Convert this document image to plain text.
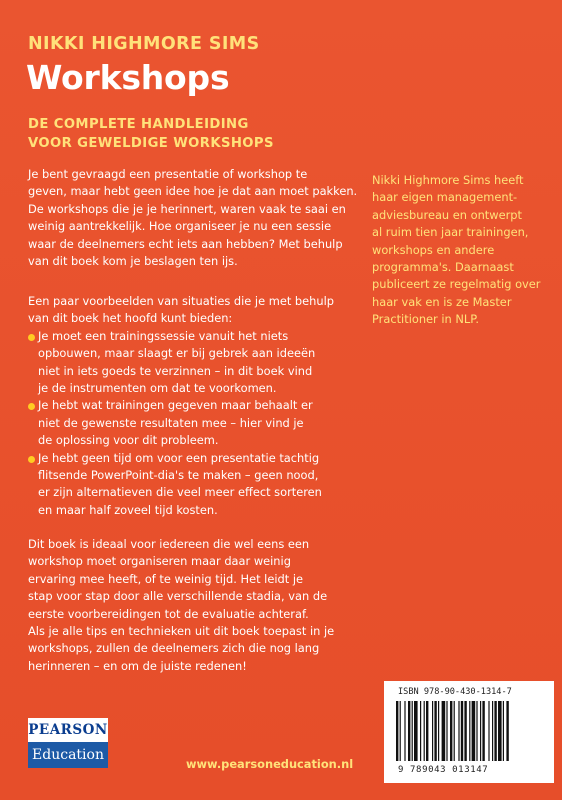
NIKKI HIGHMORE SIMS
Workshops
DE COMPLETE HANDLEIDING
VOOR GEWELDIGE WORKSHOPS
Je bent gevraagd een presentatie of workshop te
geven, maar hebt geen idee hoe je dat aan moet pakken.
De workshops die je je herinnert, waren vaak te saai en
weinig aantrekkelijk. Hoe organiseer je nu een sessie
waar de deelnemers echt iets aan hebben? Met behulp
van dit boek kom je beslagen ten ijs.
Een paar voorbeelden van situaties die je met behulp
van dit boek het hoofd kunt bieden:
Je moet een trainingssessie vanuit het niets
opbouwen, maar slaagt er bij gebrek aan ideeën
niet in iets goeds te verzinnen – in dit boek vind
je de instrumenten om dat te voorkomen.
Je hebt wat trainingen gegeven maar behaalt er
niet de gewenste resultaten mee – hier vind je
de oplossing voor dit probleem.
Je hebt geen tijd om voor een presentatie tachtig
flitsende PowerPoint-dia's te maken – geen nood,
er zijn alternatieven die veel meer effect sorteren
en maar half zoveel tijd kosten.
Dit boek is ideaal voor iedereen die wel eens een
workshop moet organiseren maar daar weinig
ervaring mee heeft, of te weinig tijd. Het leidt je
stap voor stap door alle verschillende stadia, van de
eerste voorbereidingen tot de evaluatie achteraf.
Als je alle tips en technieken uit dit boek toepast in je
workshops, zullen de deelnemers zich die nog lang
herinneren – en om de juiste redenen!
Nikki Highmore Sims heeft
haar eigen management-
adviesbureau en ontwerpt
al ruim tien jaar trainingen,
workshops en andere
programma's. Daarnaast
publiceert ze regelmatig over
haar vak en is ze Master
Practitioner in NLP.
ISBN 978-90-430-1314-7
9 789043 013147
PEARSON
Education
www.pearsoneducation.nl
